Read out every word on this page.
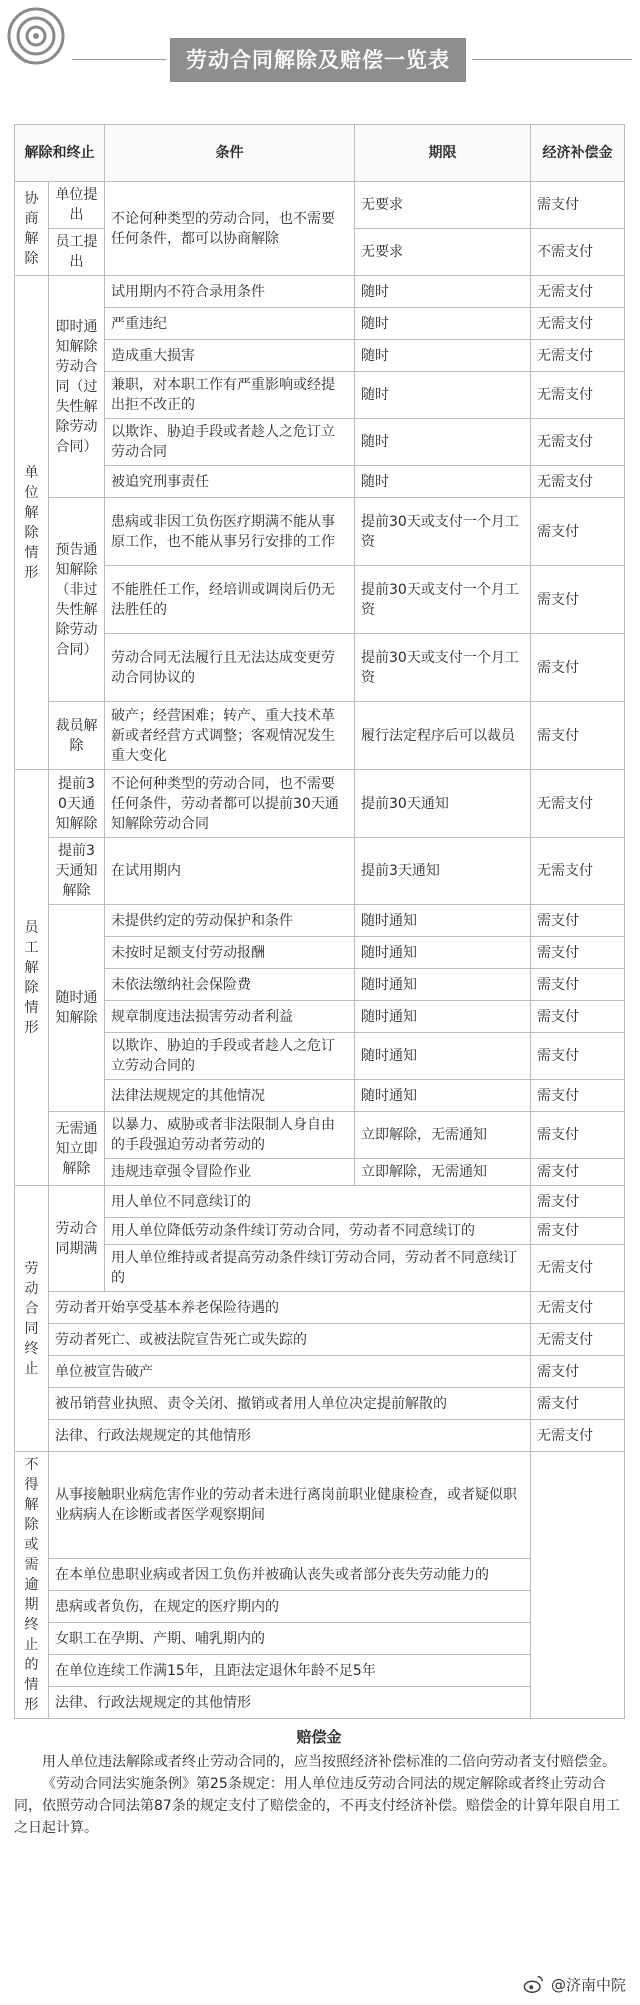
劳动合同解除及赔偿一览表
解除和终止		条件	期限	经济补偿金
协商解除	单位提出	不论何种类型的劳动合同，也不需要任何条件，都可以协商解除	无要求	需支付
	员工提出		无要求	不需支付
单位解除情形	即时通知解除劳动合同（过失性解除劳动合同）	试用期内不符合录用条件	随时	无需支付
		严重违纪	随时	无需支付
		造成重大损害	随时	无需支付
		兼职，对本职工作有严重影响或经提出拒不改正的	随时	无需支付
		以欺诈、胁迫手段或者趁人之危订立劳动合同	随时	无需支付
		被追究刑事责任	随时	无需支付
	预告通知解除（非过失性解除劳动合同）	患病或非因工负伤医疗期满不能从事原工作，也不能从事另行安排的工作	提前30天或支付一个月工资	需支付
		不能胜任工作，经培训或调岗后仍无法胜任的	提前30天或支付一个月工资	需支付
		劳动合同无法履行且无法达成变更劳动合同协议的	提前30天或支付一个月工资	需支付
	裁员解除	破产；经营困难；转产、重大技术革新或者经营方式调整；客观情况发生重大变化	履行法定程序后可以裁员	需支付
员工解除情形	提前30天通知解除	不论何种类型的劳动合同，也不需要任何条件，劳动者都可以提前30天通知解除劳动合同	提前30天通知	无需支付
	提前3天通知解除	在试用期内	提前3天通知	无需支付
	随时通知解除	未提供约定的劳动保护和条件	随时通知	需支付
		未按时足额支付劳动报酬	随时通知	需支付
		未依法缴纳社会保险费	随时通知	需支付
		规章制度违法损害劳动者利益	随时通知	需支付
		以欺诈、胁迫的手段或者趁人之危订立劳动合同的	随时通知	需支付
		法律法规规定的其他情况	随时通知	需支付
	无需通知立即解除	以暴力、威胁或者非法限制人身自由的手段强迫劳动者劳动的	立即解除，无需通知	需支付
		违规违章强令冒险作业	立即解除，无需通知	需支付
劳动合同终止	劳动合同期满	用人单位不同意续订的		需支付
		用人单位降低劳动条件续订劳动合同，劳动者不同意续订的		需支付
		用人单位维持或者提高劳动条件续订劳动合同，劳动者不同意续订的		无需支付
	劳动者开始享受基本养老保险待遇的			无需支付
	劳动者死亡、或被法院宣告死亡或失踪的			无需支付
	单位被宣告破产			需支付
	被吊销营业执照、责令关闭、撤销或者用人单位决定提前解散的			需支付
	法律、行政法规规定的其他情形			无需支付
不得解除或需逾期终止的情形	从事接触职业病危害作业的劳动者未进行离岗前职业健康检查，或者疑似职业病病人在诊断或者医学观察期间			
	在本单位患职业病或者因工负伤并被确认丧失或者部分丧失劳动能力的			
	患病或者负伤，在规定的医疗期内的			
	女职工在孕期、产期、哺乳期内的			
	在单位连续工作满15年，且距法定退休年龄不足5年			
	法律、行政法规规定的其他情形			
赔偿金

用人单位违法解除或者终止劳动合同的，应当按照经济补偿标准的二倍向劳动者支付赔偿金。

《劳动合同法实施条例》第25条规定：用人单位违反劳动合同法的规定解除或者终止劳动合同，依照劳动合同法第87条的规定支付了赔偿金的，不再支付经济补偿。赔偿金的计算年限自用工之日起计算。

@济南中院
